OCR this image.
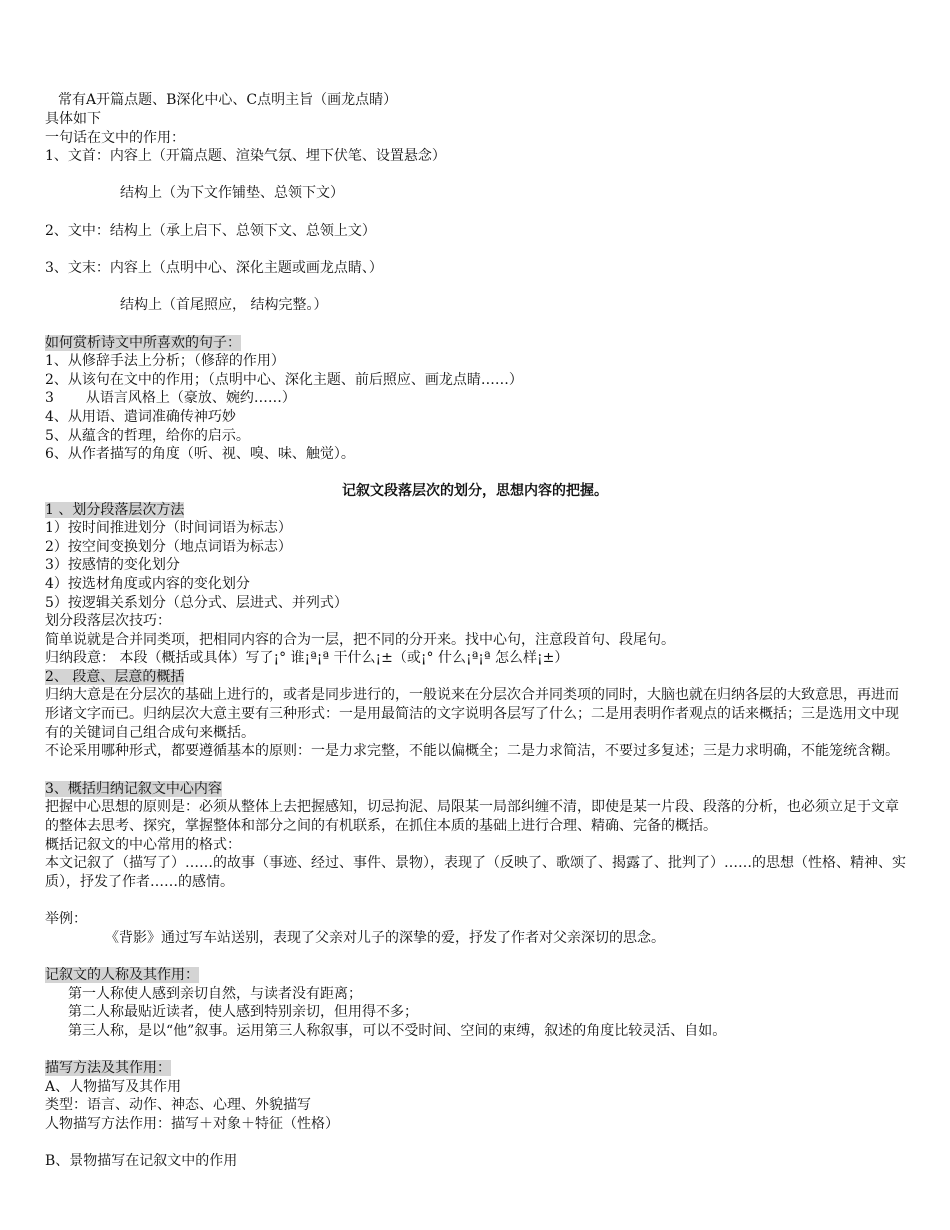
常有A开篇点题、B深化中心、C点明主旨（画龙点睛）
具体如下
一句话在文中的作用：
1、文首：内容上（开篇点题、渲染气氛、埋下伏笔、设置悬念）
结构上（为下文作铺垫、总领下文）
2、文中：结构上（承上启下、总领下文、总领上文）
3、文末：内容上（点明中心、深化主题或画龙点睛、）
结构上（首尾照应， 结构完整。）
如何赏析诗文中所喜欢的句子：
1、从修辞手法上分析；（修辞的作用）
2、从该句在文中的作用；（点明中心、深化主题、前后照应、画龙点睛……）
3 从语言风格上（豪放、婉约……）
4、从用语、遣词准确传神巧妙
5、从蕴含的哲理，给你的启示。
6、从作者描写的角度（听、视、嗅、味、触觉）。
记叙文段落层次的划分，思想内容的把握。
1 、划分段落层次方法
1）按时间推进划分（时间词语为标志）
2）按空间变换划分（地点词语为标志）
3）按感情的变化划分
4）按选材角度或内容的变化划分
5）按逻辑关系划分（总分式、层进式、并列式）
划分段落层次技巧：
简单说就是合并同类项，把相同内容的合为一层，把不同的分开来。找中心句，注意段首句、段尾句。
归纳段意： 本段（概括或具体）写了¡° 谁¡ª¡ª 干什么¡±（或¡° 什么¡ª¡ª 怎么样¡±）
2、 段意、层意的概括
归纳大意是在分层次的基础上进行的，或者是同步进行的，一般说来在分层次合并同类项的同时，大脑也就在归纳各层的大致意思，再进而形诸文字而已。归纳层次大意主要有三种形式：一是用最简洁的文字说明各层写了什么；二是用表明作者观点的话来概括；三是选用文中现有的关键词自己组合成句来概括。
不论采用哪种形式，都要遵循基本的原则：一是力求完整，不能以偏概全；二是力求简洁，不要过多复述；三是力求明确，不能笼统含糊。
3、概括归纳记叙文中心内容
把握中心思想的原则是：必须从整体上去把握感知，切忌拘泥、局限某一局部纠缠不清，即使是某一片段、段落的分析，也必须立足于文章的整体去思考、探究，掌握整体和部分之间的有机联系，在抓住本质的基础上进行合理、精确、完备的概括。
概括记叙文的中心常用的格式：
本文记叙了（描写了）……的故事（事迹、经过、事件、景物），表现了（反映了、歌颂了、揭露了、批判了）……的思想（性格、精神、实质），抒发了作者……的感情。
举例：
《背影》通过写车站送别，表现了父亲对儿子的深挚的爱，抒发了作者对父亲深切的思念。
记叙文的人称及其作用：
第一人称使人感到亲切自然，与读者没有距离；
第二人称最贴近读者，使人感到特别亲切，但用得不多；
第三人称，是以“他”叙事。运用第三人称叙事，可以不受时间、空间的束缚，叙述的角度比较灵活、自如。
描写方法及其作用：
A、人物描写及其作用
类型：语言、动作、神态、心理、外貌描写
人物描写方法作用：描写＋对象＋特征（性格）
B、景物描写在记叙文中的作用
